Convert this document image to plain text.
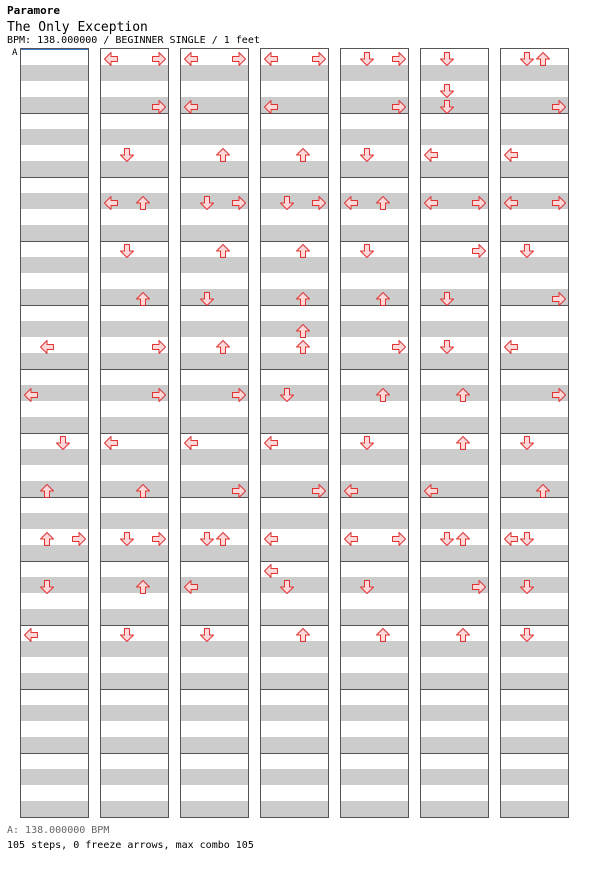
Paramore
The Only Exception
BPM: 138.000000 / BEGINNER SINGLE / 1 feet
A
A: 138.000000 BPM
105 steps, 0 freeze arrows, max combo 105
